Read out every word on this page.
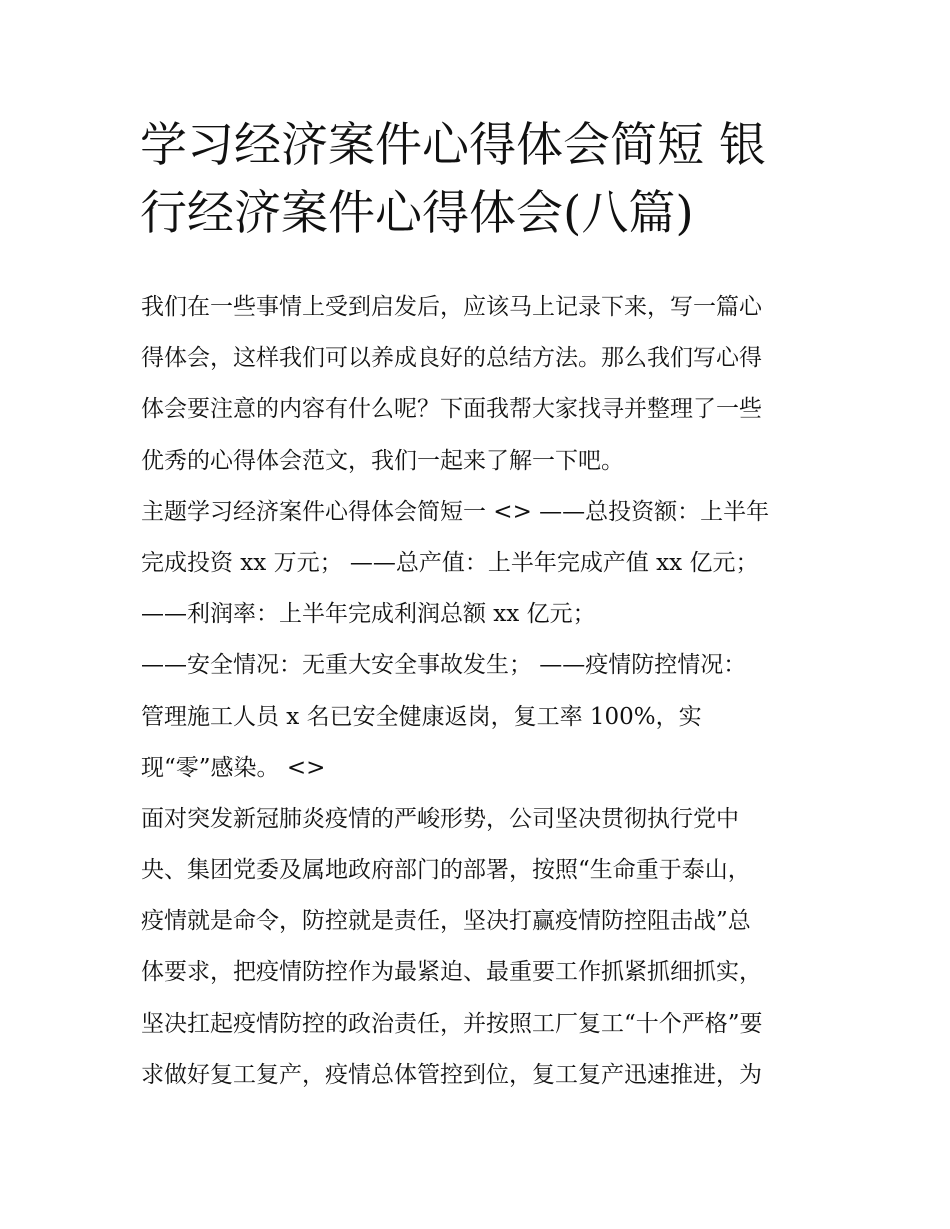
学习经济案件心得体会简短 银
行经济案件心得体会(八篇)
我们在一些事情上受到启发后，应该马上记录下来，写一篇心
得体会，这样我们可以养成良好的总结方法。那么我们写心得
体会要注意的内容有什么呢？下面我帮大家找寻并整理了一些
优秀的心得体会范文，我们一起来了解一下吧。
主题学习经济案件心得体会简短一 <> ——总投资额：上半年
完成投资 xx 万元； ——总产值：上半年完成产值 xx 亿元；
——利润率：上半年完成利润总额 xx 亿元；
——安全情况：无重大安全事故发生； ——疫情防控情况：
管理施工人员 x 名已安全健康返岗，复工率 100%，实
现“零”感染。 <>
面对突发新冠肺炎疫情的严峻形势，公司坚决贯彻执行党中
央、集团党委及属地政府部门的部署，按照“生命重于泰山，
疫情就是命令，防控就是责任，坚决打赢疫情防控阻击战”总
体要求，把疫情防控作为最紧迫、最重要工作抓紧抓细抓实，
坚决扛起疫情防控的政治责任，并按照工厂复工“十个严格”要
求做好复工复产，疫情总体管控到位，复工复产迅速推进，为
